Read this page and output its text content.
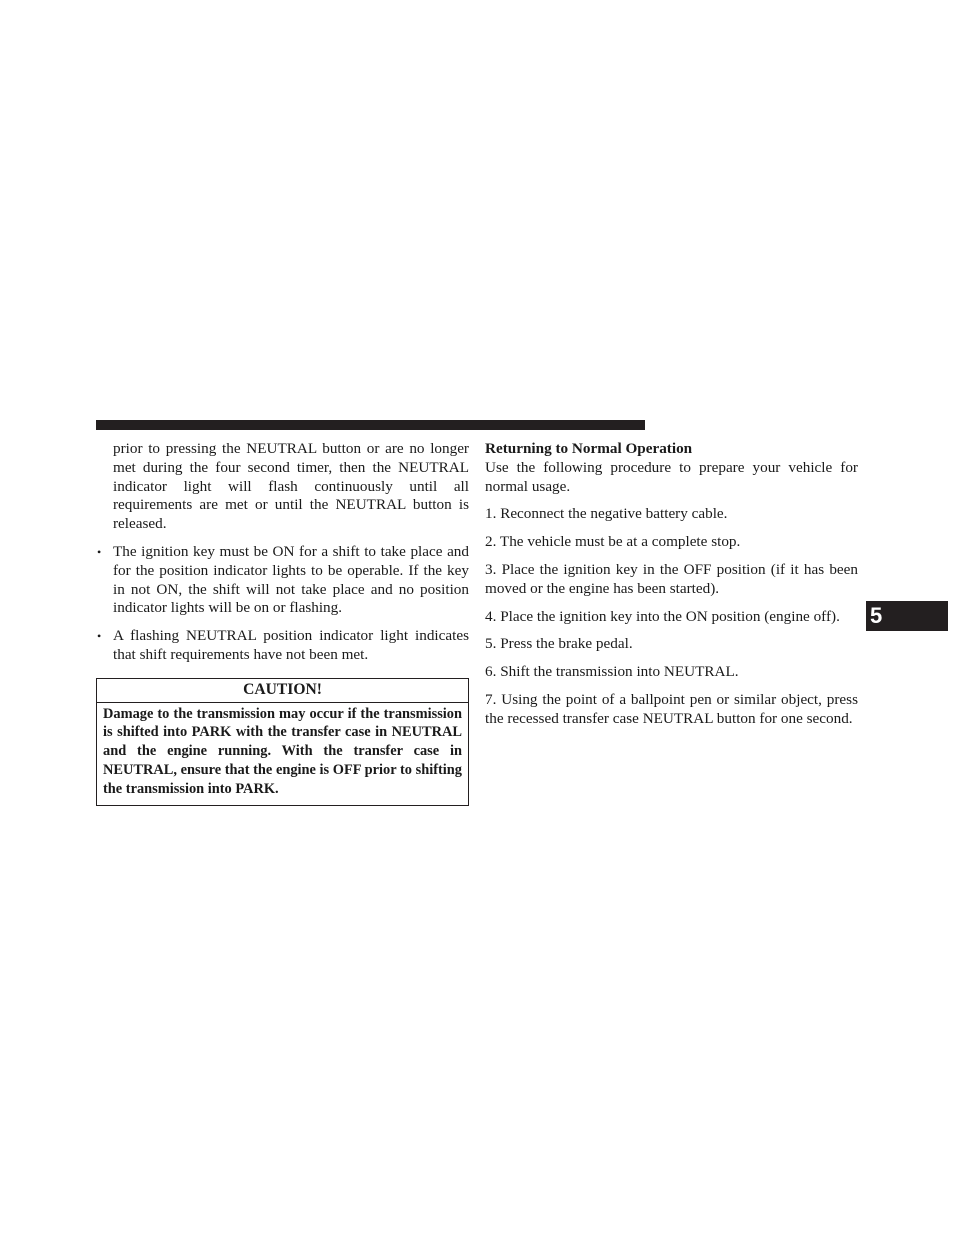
prior to pressing the NEUTRAL button or are no longer met during the four second timer, then the NEUTRAL indicator light will flash continuously until all requirements are met or until the NEUTRAL button is released.

• The ignition key must be ON for a shift to take place and for the position indicator lights to be operable. If the key in not ON, the shift will not take place and no position indicator lights will be on or flashing.
• A flashing NEUTRAL position indicator light indicates that shift requirements have not been met.
CAUTION!
Damage to the transmission may occur if the transmission is shifted into PARK with the transfer case in NEUTRAL and the engine running. With the transfer case in NEUTRAL, ensure that the engine is OFF prior to shifting the transmission into PARK.

Returning to Normal Operation

Use the following procedure to prepare your vehicle for normal usage.

1. Reconnect the negative battery cable.

2. The vehicle must be at a complete stop.

3. Place the ignition key in the OFF position (if it has been moved or the engine has been started).

4. Place the ignition key into the ON position (engine off).

5. Press the brake pedal.

6. Shift the transmission into NEUTRAL.

7. Using the point of a ballpoint pen or similar object, press the recessed transfer case NEUTRAL button for one second.

5
